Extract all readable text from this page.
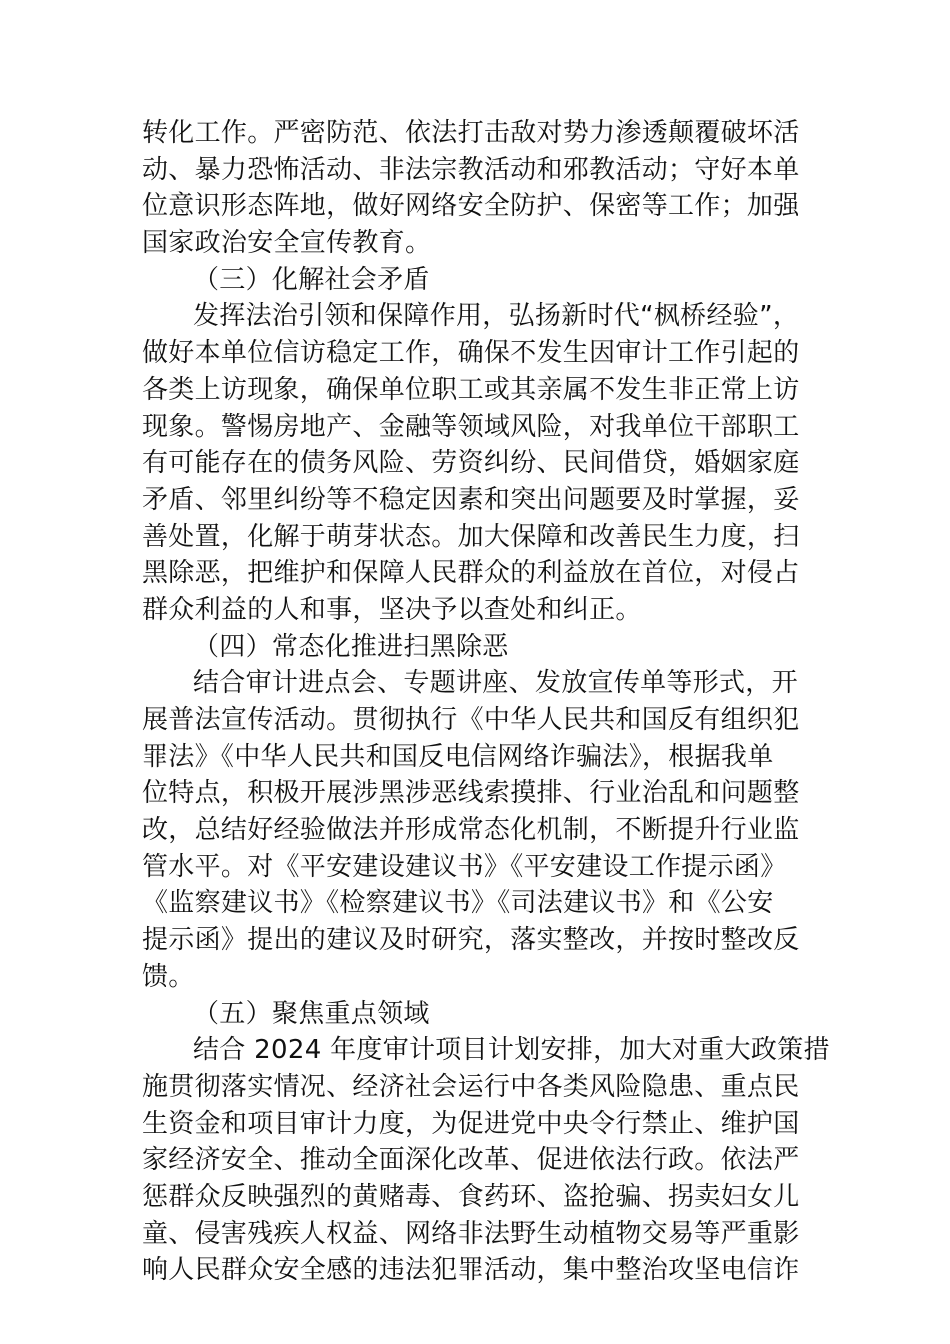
转化工作。严密防范、依法打击敌对势力渗透颠覆破坏活
动、暴力恐怖活动、非法宗教活动和邪教活动；守好本单
位意识形态阵地，做好网络安全防护、保密等工作；加强
国家政治安全宣传教育。
（三）化解社会矛盾
发挥法治引领和保障作用，弘扬新时代“枫桥经验”，
做好本单位信访稳定工作，确保不发生因审计工作引起的
各类上访现象，确保单位职工或其亲属不发生非正常上访
现象。警惕房地产、金融等领域风险，对我单位干部职工
有可能存在的债务风险、劳资纠纷、民间借贷，婚姻家庭
矛盾、邻里纠纷等不稳定因素和突出问题要及时掌握，妥
善处置，化解于萌芽状态。加大保障和改善民生力度，扫
黑除恶，把维护和保障人民群众的利益放在首位，对侵占
群众利益的人和事，坚决予以查处和纠正。
（四）常态化推进扫黑除恶
结合审计进点会、专题讲座、发放宣传单等形式，开
展普法宣传活动。贯彻执行《中华人民共和国反有组织犯
罪法》《中华人民共和国反电信网络诈骗法》，根据我单
位特点，积极开展涉黑涉恶线索摸排、行业治乱和问题整
改，总结好经验做法并形成常态化机制，不断提升行业监
管水平。对《平安建设建议书》《平安建设工作提示函》
《监察建议书》《检察建议书》《司法建议书》和《公安
提示函》提出的建议及时研究，落实整改，并按时整改反
馈。
（五）聚焦重点领域
结合 2024 年度审计项目计划安排，加大对重大政策措
施贯彻落实情况、经济社会运行中各类风险隐患、重点民
生资金和项目审计力度，为促进党中央令行禁止、维护国
家经济安全、推动全面深化改革、促进依法行政。依法严
惩群众反映强烈的黄赌毒、食药环、盗抢骗、拐卖妇女儿
童、侵害残疾人权益、网络非法野生动植物交易等严重影
响人民群众安全感的违法犯罪活动，集中整治攻坚电信诈
